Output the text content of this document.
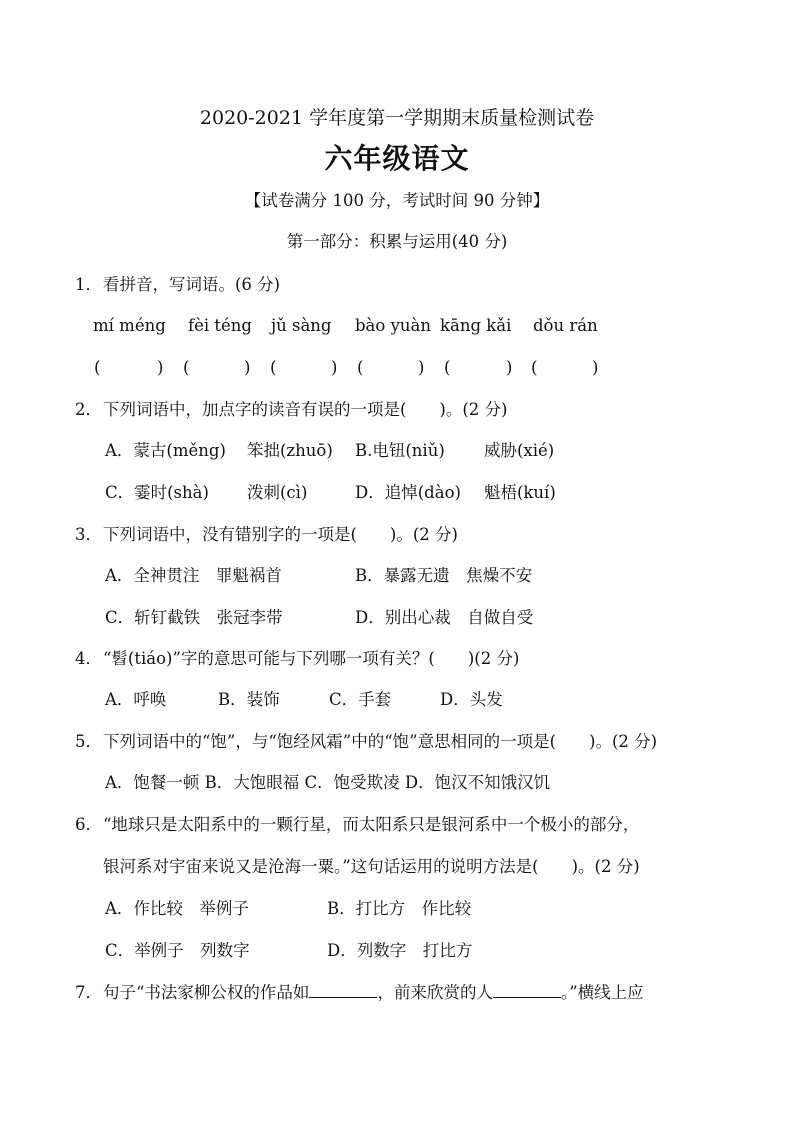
2020-2021 学年度第一学期期末质量检测试卷
六年级语文
【试卷满分 100 分，考试时间 90 分钟】
第一部分：积累与运用(40 分)
1．看拼音，写词语。(6 分)
mí méng fèi téng jǔ sàng bào yuàn kāng kǎi dǒu rán
(	) (	) (	) (	) (	) (	)
2．下列词语中，加点字的读音有误的一项是(　　)。(2 分)
A．蒙古(měng) 笨拙(zhuō) B.电钮(niǔ) 威胁(xié)
C．霎时(shà) 泼刺(cì)	D．追悼(dào) 魁梧(kuí)
3．下列词语中，没有错别字的一项是(　　)。(2 分)
A．全神贯注　罪魁祸首	B．暴露无遗　焦燥不安
C．斩钉截铁　张冠李带	D．别出心裁　自做自受
4．“髫(tiáo)”字的意思可能与下列哪一项有关？(　　)(2 分)
A．呼唤	B．装饰	C．手套	D．头发
5．下列词语中的“饱”，与“饱经风霜”中的“饱”意思相同的一项是(　　)。(2 分)
A．饱餐一顿 B．大饱眼福 C．饱受欺凌 D．饱汉不知饿汉饥
6．“地球只是太阳系中的一颗行星，而太阳系只是银河系中一个极小的部分，
银河系对宇宙来说又是沧海一粟。”这句话运用的说明方法是(　　)。(2 分)
A．作比较　举例子	B．打比方　作比较
C．举例子　列数字	D．列数字　打比方
7．句子“书法家柳公权的作品如	，前来欣赏的人	。”横线上应
